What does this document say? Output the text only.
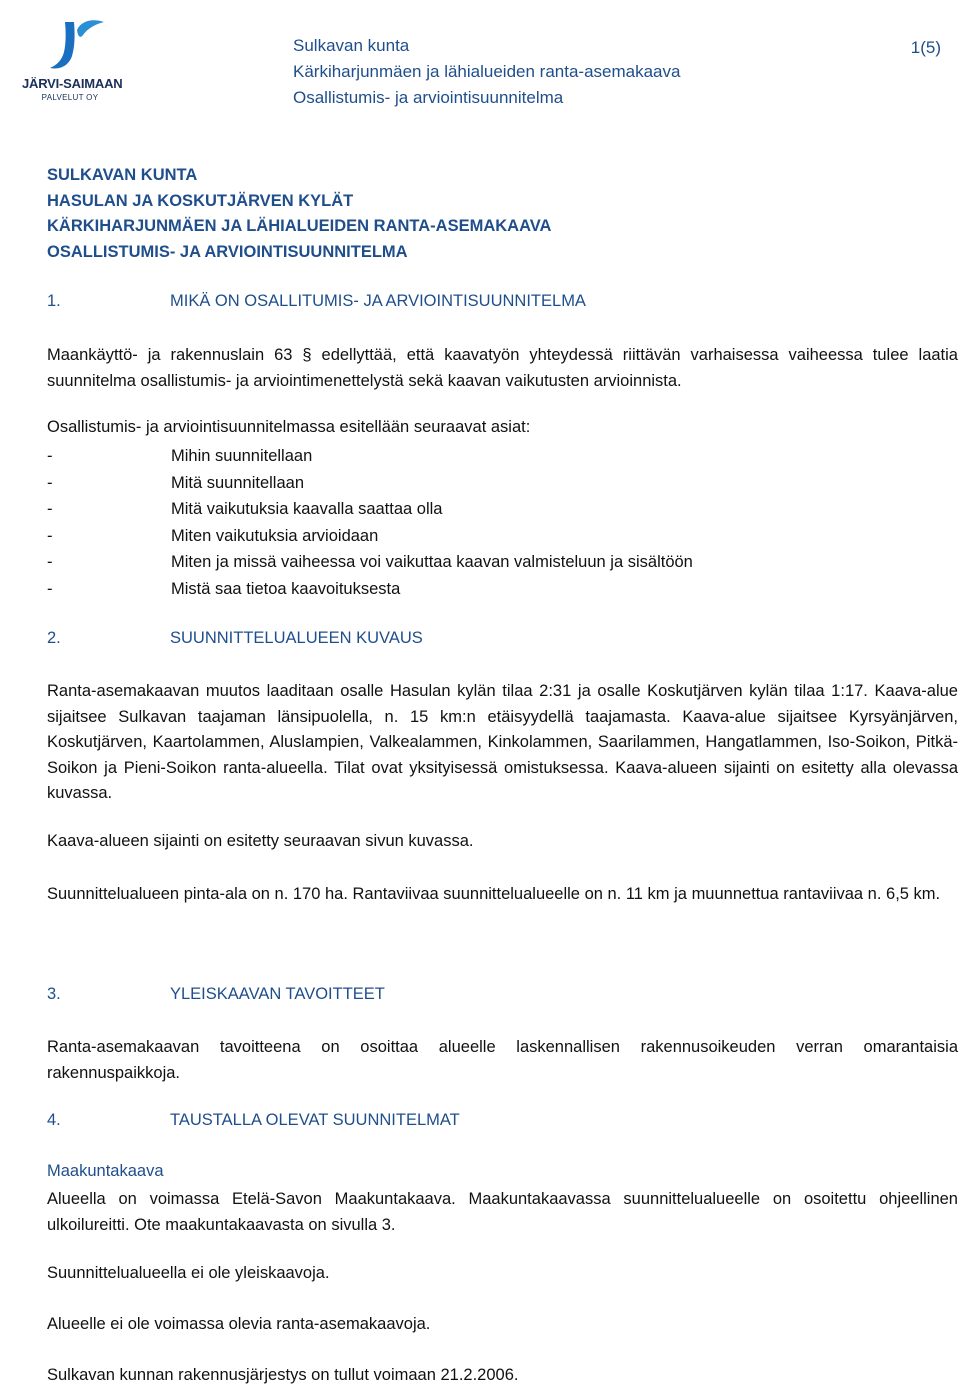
JÄRVI-SAIMAAN
PALVELUT OY
Sulkavan kunta
Kärkiharjunmäen ja lähialueiden ranta-asemakaava
Osallistumis- ja arviointisuunnitelma
1(5)
SULKAVAN KUNTA
HASULAN JA KOSKUTJÄRVEN KYLÄT
KÄRKIHARJUNMÄEN JA LÄHIALUEIDEN RANTA-ASEMAKAAVA
OSALLISTUMIS- JA ARVIOINTISUUNNITELMA
1.	MIKÄ ON OSALLITUMIS- JA ARVIOINTISUUNNITELMA
Maankäyttö- ja rakennuslain 63 § edellyttää, että kaavatyön yhteydessä riittävän varhaisessa vaiheessa tulee laatia suunnitelma osallistumis- ja arviointimenettelystä sekä kaavan vaikutusten arvioinnista.
Osallistumis- ja arviointisuunnitelmassa esitellään seuraavat asiat:
-	Mihin suunnitellaan
-	Mitä suunnitellaan
-	Mitä vaikutuksia kaavalla saattaa olla
-	Miten vaikutuksia arvioidaan
-	Miten ja missä vaiheessa voi vaikuttaa kaavan valmisteluun ja sisältöön
-	Mistä saa tietoa kaavoituksesta
2.	SUUNNITTELUALUEEN KUVAUS
Ranta-asemakaavan muutos laaditaan osalle Hasulan kylän tilaa 2:31 ja osalle Koskutjärven kylän tilaa 1:17. Kaava-alue sijaitsee Sulkavan taajaman länsipuolella, n. 15 km:n etäisyydellä taajamasta. Kaava-alue sijaitsee Kyrsyänjärven, Koskutjärven, Kaartolammen, Aluslampien, Valkealammen, Kinkolammen, Saarilammen, Hangatlammen, Iso-Soikon, Pitkä-Soikon ja Pieni-Soikon ranta-alueella. Tilat ovat yksityisessä omistuksessa. Kaava-alueen sijainti on esitetty alla olevassa kuvassa.
Kaava-alueen sijainti on esitetty seuraavan sivun kuvassa.
Suunnittelualueen pinta-ala on n. 170 ha. Rantaviivaa suunnittelualueelle on n. 11 km ja muunnettua rantaviivaa n. 6,5 km.
3.	YLEISKAAVAN TAVOITTEET
Ranta-asemakaavan tavoitteena on osoittaa alueelle laskennallisen rakennusoikeuden verran omarantaisia rakennuspaikkoja.
4.	TAUSTALLA OLEVAT SUUNNITELMAT
Maakuntakaava
Alueella on voimassa Etelä-Savon Maakuntakaava. Maakuntakaavassa suunnittelualueelle on osoitettu ohjeellinen ulkoilureitti. Ote maakuntakaavasta on sivulla 3.
Suunnittelualueella ei ole yleiskaavoja.
Alueelle ei ole voimassa olevia ranta-asemakaavoja.
Sulkavan kunnan rakennusjärjestys on tullut voimaan 21.2.2006.
